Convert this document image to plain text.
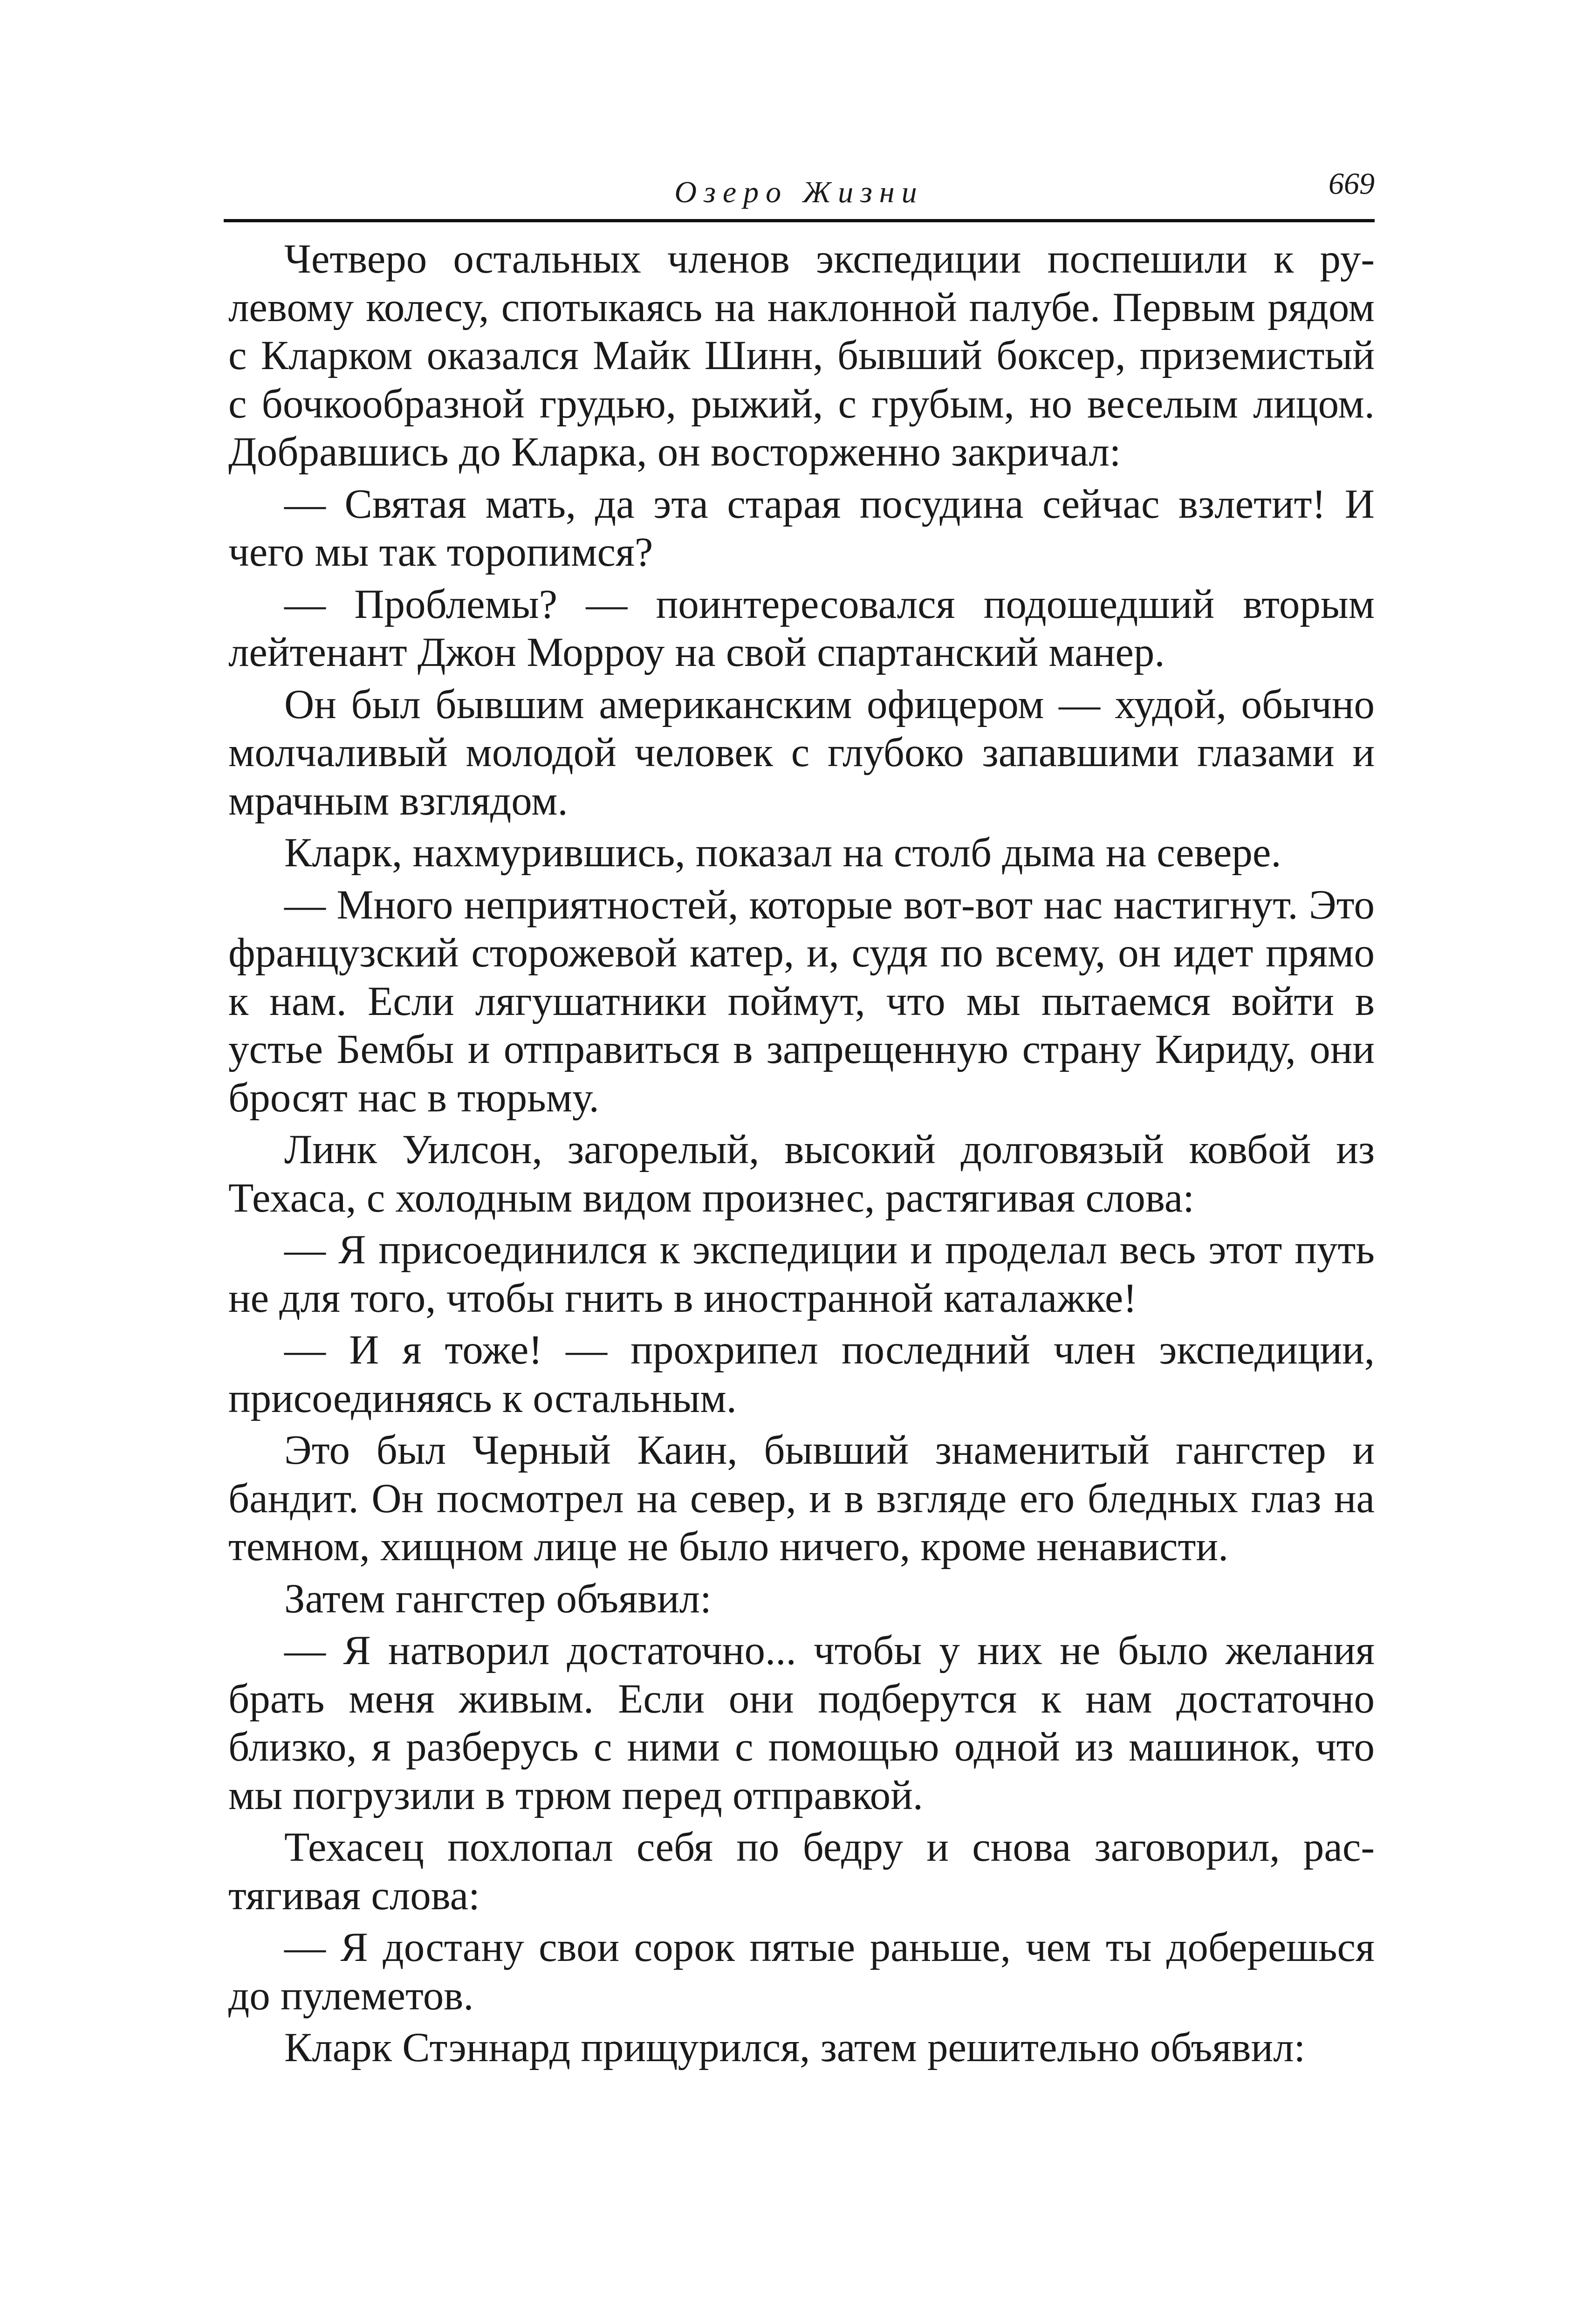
Озеро Жизни	669

Четверо остальных членов экспедиции поспешили к рулевому колесу, спотыкаясь на наклонной палубе. Первым рядом с Кларком оказался Майк Шинн, бывший боксер, приземистый с бочкообразной грудью, рыжий, с грубым, но веселым лицом. Добравшись до Кларка, он восторженно закричал:

— Святая мать, да эта старая посудина сейчас взлетит! И чего мы так торопимся?

— Проблемы? — поинтересовался подошедший вторым лейтенант Джон Морроу на свой спартанский манер.

Он был бывшим американским офицером — худой, обычно молчаливый молодой человек с глубоко запавшими глазами и мрачным взглядом.

Кларк, нахмурившись, показал на столб дыма на севере.

— Много неприятностей, которые вот-вот нас настигнут. Это французский сторожевой катер, и, судя по всему, он идет прямо к нам. Если лягушатники поймут, что мы пытаемся войти в устье Бембы и отправиться в запрещенную страну Кириду, они бросят нас в тюрьму.

Линк Уилсон, загорелый, высокий долговязый ковбой из Техаса, с холодным видом произнес, растягивая слова:

— Я присоединился к экспедиции и проделал весь этот путь не для того, чтобы гнить в иностранной каталажке!

— И я тоже! — прохрипел последний член экспедиции, присоединяясь к остальным.

Это был Черный Каин, бывший знаменитый гангстер и бандит. Он посмотрел на север, и в взгляде его бледных глаз на темном, хищном лице не было ничего, кроме ненависти.

Затем гангстер объявил:

— Я натворил достаточно... чтобы у них не было желания брать меня живым. Если они подберутся к нам достаточно близко, я разберусь с ними с помощью одной из машинок, что мы погрузили в трюм перед отправкой.

Техасец похлопал себя по бедру и снова заговорил, растягивая слова:

— Я достану свои сорок пятые раньше, чем ты доберешься до пулеметов.

Кларк Стэннард прищурился, затем решительно объявил:
